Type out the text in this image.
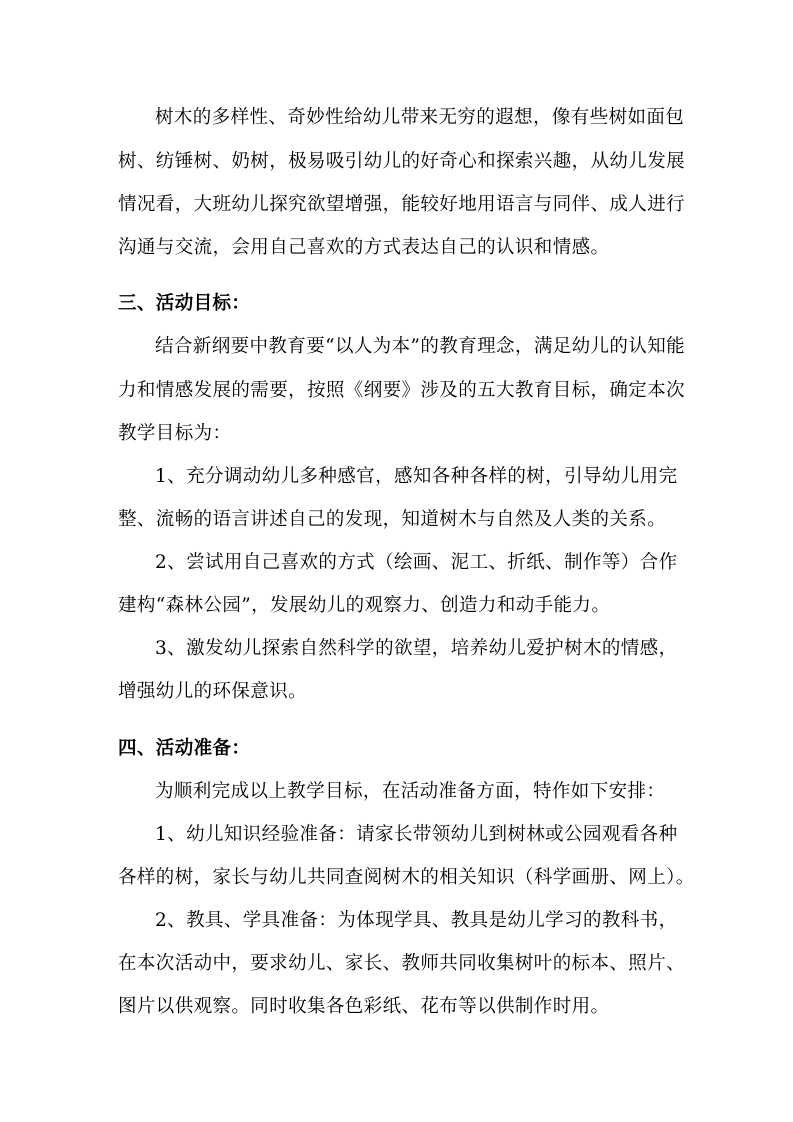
树木的多样性、奇妙性给幼儿带来无穷的遐想，像有些树如面包
树、纺锤树、奶树，极易吸引幼儿的好奇心和探索兴趣，从幼儿发展
情况看，大班幼儿探究欲望增强，能较好地用语言与同伴、成人进行
沟通与交流，会用自己喜欢的方式表达自己的认识和情感。
三、活动目标：
结合新纲要中教育要“以人为本”的教育理念，满足幼儿的认知能
力和情感发展的需要，按照《纲要》涉及的五大教育目标，确定本次
教学目标为：
1、充分调动幼儿多种感官，感知各种各样的树，引导幼儿用完
整、流畅的语言讲述自己的发现，知道树木与自然及人类的关系。
2、尝试用自己喜欢的方式（绘画、泥工、折纸、制作等）合作
建构“森林公园”，发展幼儿的观察力、创造力和动手能力。
3、激发幼儿探索自然科学的欲望，培养幼儿爱护树木的情感，
增强幼儿的环保意识。
四、活动准备：
为顺利完成以上教学目标，在活动准备方面，特作如下安排：
1、幼儿知识经验准备：请家长带领幼儿到树林或公园观看各种
各样的树，家长与幼儿共同查阅树木的相关知识（科学画册、网上）。
2、教具、学具准备：为体现学具、教具是幼儿学习的教科书，
在本次活动中，要求幼儿、家长、教师共同收集树叶的标本、照片、
图片以供观察。同时收集各色彩纸、花布等以供制作时用。
